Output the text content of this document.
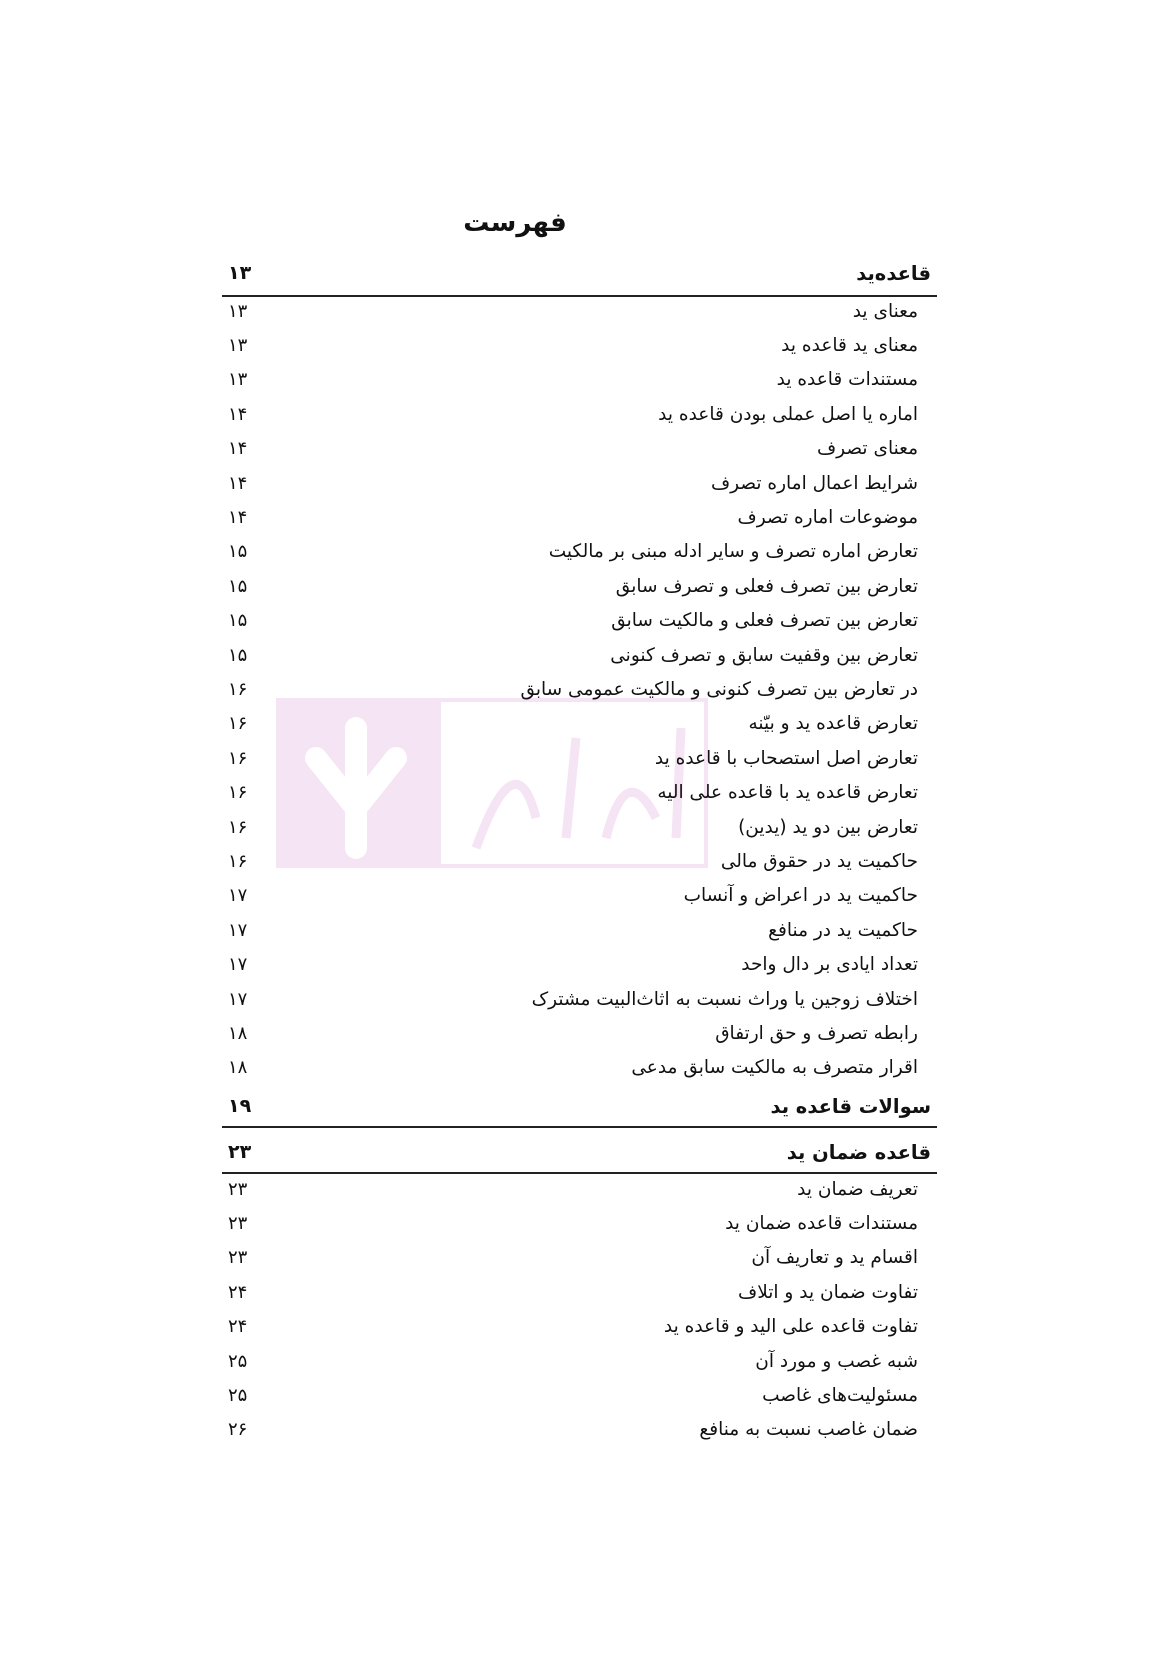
فهرست
قاعده‌ید
۱۳
معنای ید
۱۳
معنای ید قاعده ید
۱۳
مستندات قاعده ید
۱۳
اماره یا اصل عملی بودن قاعده ید
۱۴
معنای تصرف
۱۴
شرایط اعمال اماره تصرف
۱۴
موضوعات اماره تصرف
۱۴
تعارض اماره تصرف و سایر ادله مبنی بر مالکیت
۱۵
تعارض بین تصرف فعلی و تصرف سابق
۱۵
تعارض بین تصرف فعلی و مالکیت سابق
۱۵
تعارض بین وقفیت سابق و تصرف کنونی
۱۵
در تعارض بین تصرف کنونی و مالکیت عمومی سابق
۱۶
تعارض قاعده ید و بیّنه
۱۶
تعارض اصل استصحاب با قاعده ید
۱۶
تعارض قاعده ید با قاعده علی الیه
۱۶
تعارض بین دو ید (یدین)
۱۶
حاکمیت ید در حقوق مالی
۱۶
حاکمیت ید در اعراض و آنساب
۱۷
حاکمیت ید در منافع
۱۷
تعداد ایادی بر دال واحد
۱۷
اختلاف زوجین یا وراث نسبت به اثاث‌البیت مشترک
۱۷
رابطه تصرف و حق ارتفاق
۱۸
اقرار متصرف به مالکیت سابق مدعی
۱۸
سوالات قاعده ید
۱۹
قاعده ضمان ید
۲۳
تعریف ضمان ید
۲۳
مستندات قاعده ضمان ید
۲۳
اقسام ید و تعاریف آن
۲۳
تفاوت ضمان ید و اتلاف
۲۴
تفاوت قاعده علی الید و قاعده ید
۲۴
شبه غصب و مورد آن
۲۵
مسئولیت‌های غاصب
۲۵
ضمان غاصب نسبت به منافع
۲۶
